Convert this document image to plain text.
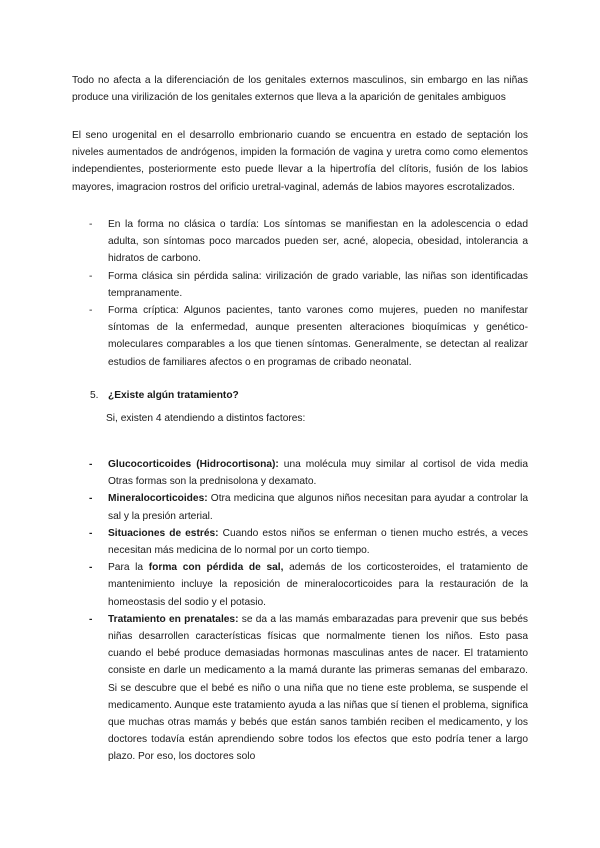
Todo no afecta a la diferenciación de los genitales externos masculinos, sin embargo en las niñas produce una virilización de los genitales externos que lleva a la aparición de genitales ambiguos

El seno urogenital en el desarrollo embrionario cuando se encuentra en estado de septación los niveles aumentados de andrógenos, impiden la formación de vagina y uretra como como elementos independientes, posteriormente esto puede llevar a la hipertrofía del clítoris, fusión de los labios mayores, imagracion rostros del orificio uretral-vaginal, además de labios mayores escrotalizados.

- En la forma no clásica o tardía: Los síntomas se manifiestan en la adolescencia o edad adulta, son síntomas poco marcados pueden ser, acné, alopecia, obesidad, intolerancia a hidratos de carbono.
- Forma clásica sin pérdida salina: virilización de grado variable, las niñas son identificadas tempranamente.
- Forma críptica: Algunos pacientes, tanto varones como mujeres, pueden no manifestar síntomas de la enfermedad, aunque presenten alteraciones bioquímicas y genético-moleculares comparables a los que tienen síntomas. Generalmente, se detectan al realizar estudios de familiares afectos o en programas de cribado neonatal.
5. ¿Existe algún tratamiento?
Si, existen 4 atendiendo a distintos factores:
- Glucocorticoides (Hidrocortisona): una molécula muy similar al cortisol de vida media Otras formas son la prednisolona y dexamato.
- Mineralocorticoides: Otra medicina que algunos niños necesitan para ayudar a controlar la sal y la presión arterial.
- Situaciones de estrés: Cuando estos niños se enferman o tienen mucho estrés, a veces necesitan más medicina de lo normal por un corto tiempo.
- Para la forma con pérdida de sal, además de los corticosteroides, el tratamiento de mantenimiento incluye la reposición de mineralocorticoides para la restauración de la homeostasis del sodio y el potasio.
- Tratamiento en prenatales: se da a las mamás embarazadas para prevenir que sus bebés niñas desarrollen características físicas que normalmente tienen los niños. Esto pasa cuando el bebé produce demasiadas hormonas masculinas antes de nacer. El tratamiento consiste en darle un medicamento a la mamá durante las primeras semanas del embarazo. Si se descubre que el bebé es niño o una niña que no tiene este problema, se suspende el medicamento. Aunque este tratamiento ayuda a las niñas que sí tienen el problema, significa que muchas otras mamás y bebés que están sanos también reciben el medicamento, y los doctores todavía están aprendiendo sobre todos los efectos que esto podría tener a largo plazo. Por eso, los doctores solo
